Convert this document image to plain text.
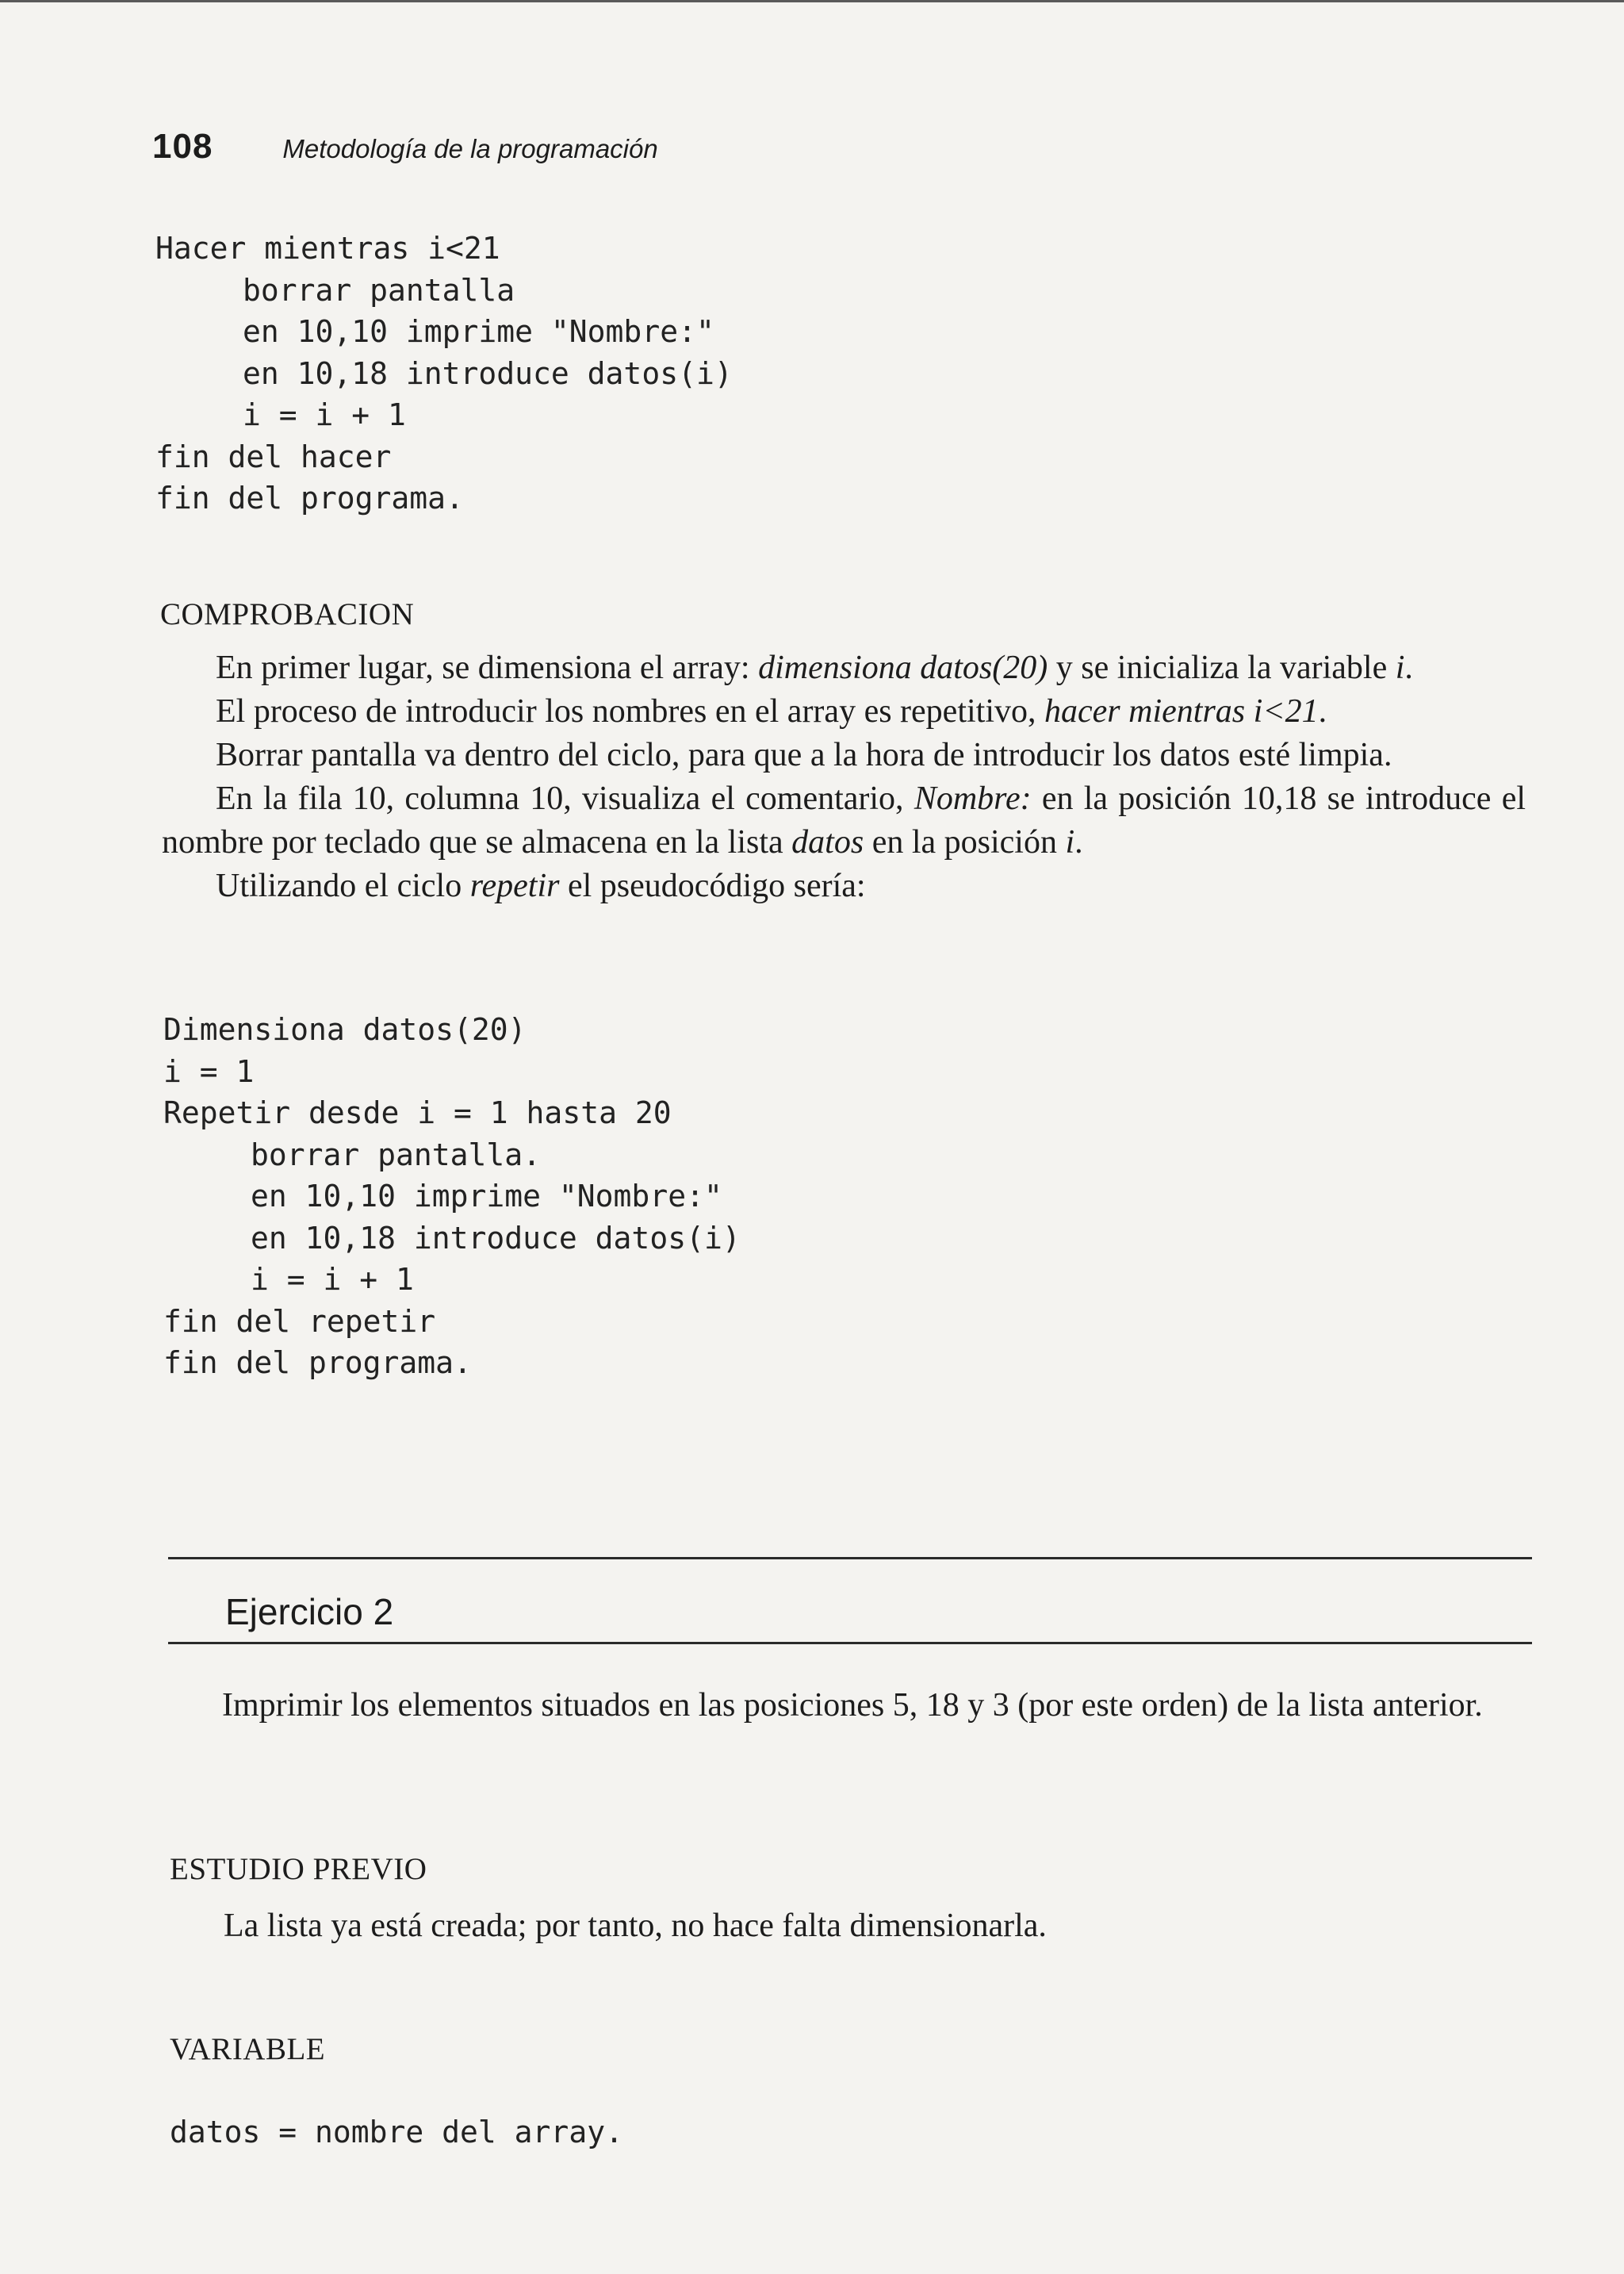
108	Metodología de la programación
Hacer mientras i<21
borrar pantalla
en 10,10 imprime "Nombre:"
en 10,18 introduce datos(i)
i = i + 1
fin del hacer
fin del programa.
COMPROBACION

En primer lugar, se dimensiona el array: dimensiona datos(20) y se inicializa la variable i.

El proceso de introducir los nombres en el array es repetitivo, hacer mientras i<21.

Borrar pantalla va dentro del ciclo, para que a la hora de introducir los datos esté limpia.

En la fila 10, columna 10, visualiza el comentario, Nombre: en la posición 10,18 se introduce el nombre por teclado que se almacena en la lista datos en la posición i.

Utilizando el ciclo repetir el pseudocódigo sería:

Dimensiona datos(20)
i = 1
Repetir desde i = 1 hasta 20
borrar pantalla.
en 10,10 imprime "Nombre:"
en 10,18 introduce datos(i)
i = i + 1
fin del repetir
fin del programa.
Ejercicio 2

Imprimir los elementos situados en las posiciones 5, 18 y 3 (por este orden) de la lista anterior.

ESTUDIO PREVIO

La lista ya está creada; por tanto, no hace falta dimensionarla.

VARIABLE
datos = nombre del array.
